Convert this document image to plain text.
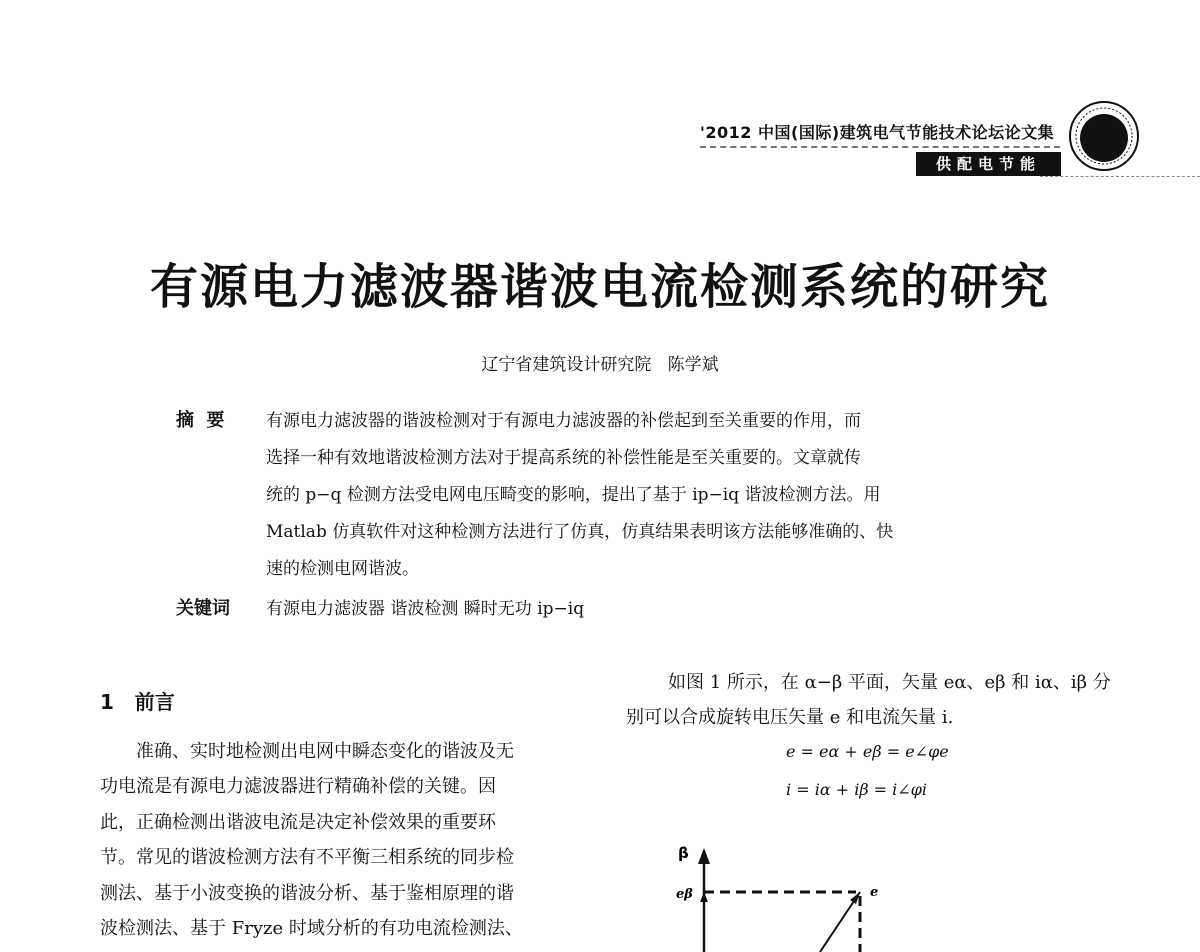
'2012 中国(国际)建筑电气节能技术论坛论文集
供配电节能
有源电力滤波器谐波电流检测系统的研究
辽宁省建筑设计研究院   陈学斌
摘  要 有源电力滤波器的谐波检测对于有源电力滤波器的补偿起到至关重要的作用，而
选择一种有效地谐波检测方法对于提高系统的补偿性能是至关重要的。文章就传
统的 p−q 检测方法受电网电压畸变的影响，提出了基于 ip−iq 谐波检测方法。用
Matlab 仿真软件对这种检测方法进行了仿真，仿真结果表明该方法能够准确的、快
速的检测电网谐波。
关键词 有源电力滤波器 谐波检测 瞬时无功 ip−iq
1   前言
准确、实时地检测出电网中瞬态变化的谐波及无
功电流是有源电力滤波器进行精确补偿的关键。因
此，正确检测出谐波电流是决定补偿效果的重要环
节。常见的谐波检测方法有不平衡三相系统的同步检
测法、基于小波变换的谐波分析、基于鉴相原理的谐
波检测法、基于 Fryze 时域分析的有功电流检测法、
如图 1 所示，在 α−β 平面，矢量 eα、eβ 和 iα、iβ 分
别可以合成旋转电压矢量 e 和电流矢量 i.
e = eα + eβ = e∠φe
i = iα + iβ = i∠φi
β
eβ	e
